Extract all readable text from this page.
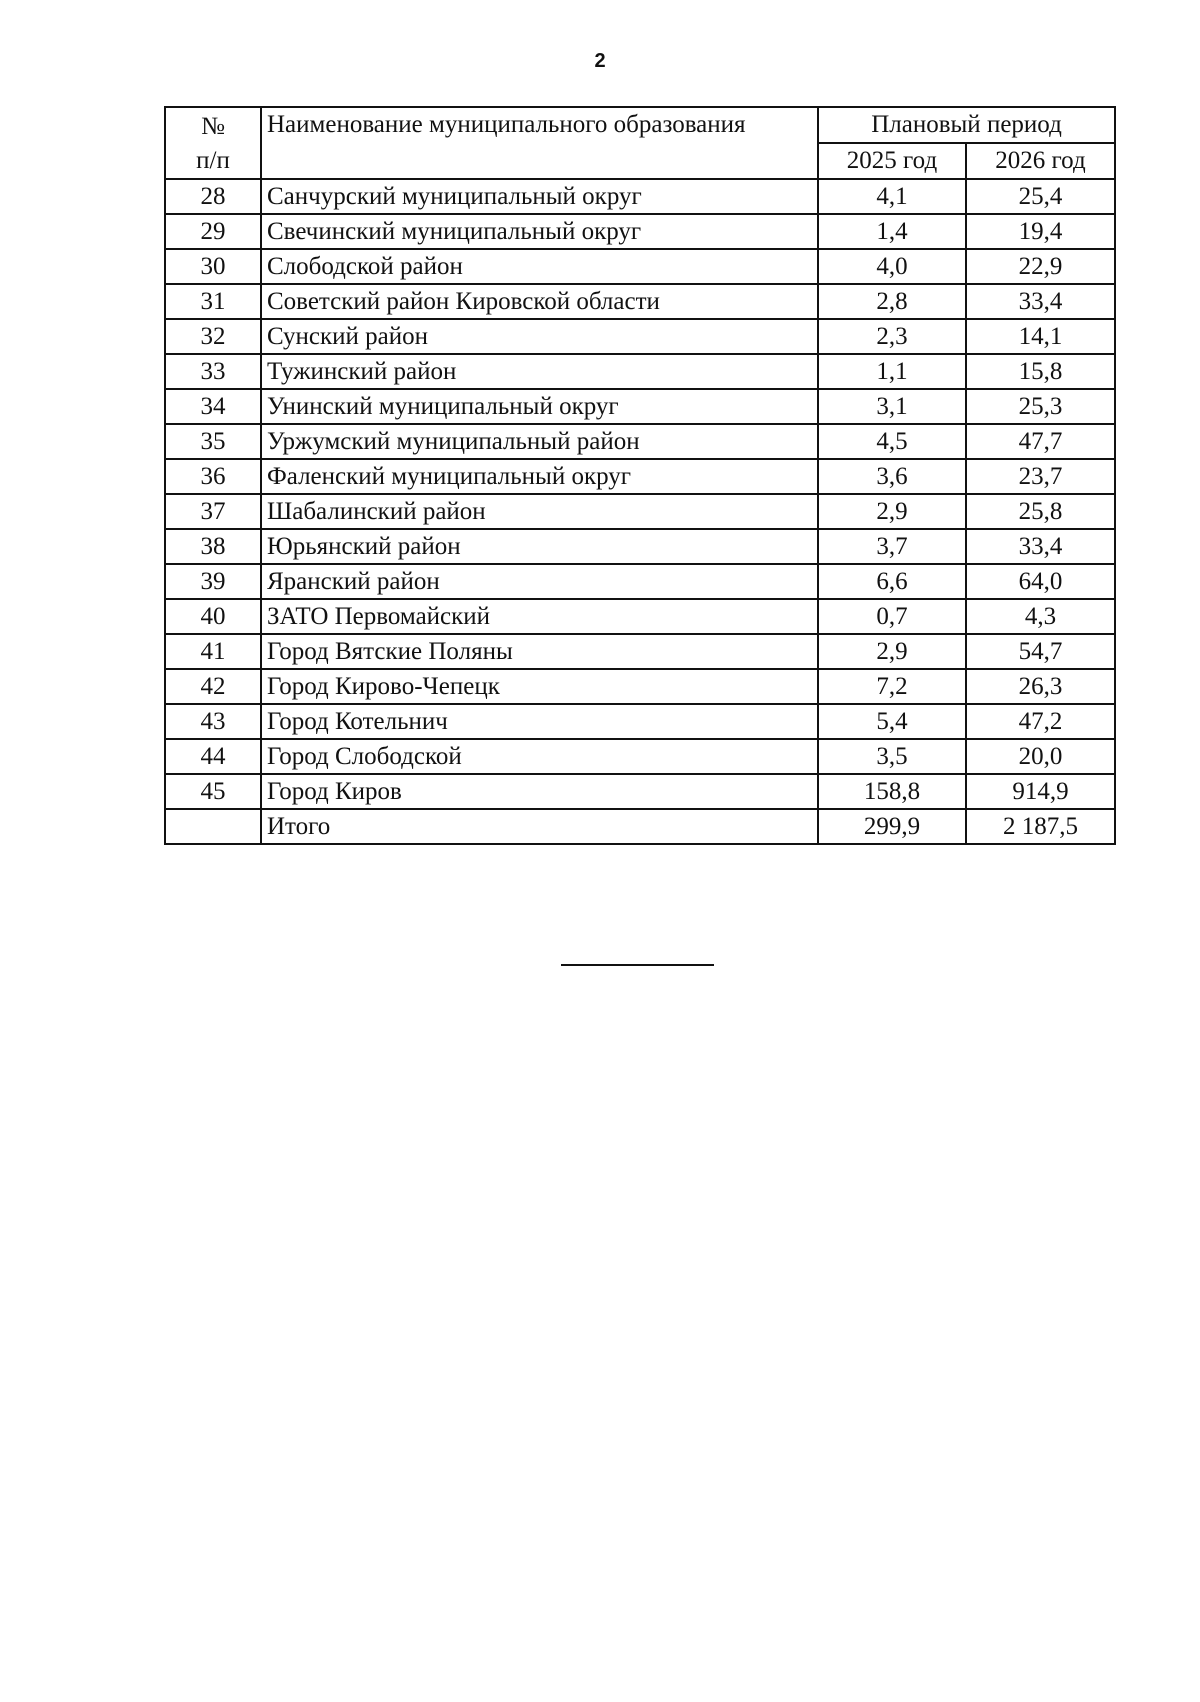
2
№
п/п	Наименование муниципального образования	Плановый период	
		2025 год	2026 год
28	Санчурский муниципальный округ	4,1	25,4
29	Свечинский муниципальный округ	1,4	19,4
30	Слободской район	4,0	22,9
31	Советский район Кировской области	2,8	33,4
32	Сунский район	2,3	14,1
33	Тужинский район	1,1	15,8
34	Унинский муниципальный округ	3,1	25,3
35	Уржумский муниципальный район	4,5	47,7
36	Фаленский муниципальный округ	3,6	23,7
37	Шабалинский район	2,9	25,8
38	Юрьянский район	3,7	33,4
39	Яранский район	6,6	64,0
40	ЗАТО Первомайский	0,7	4,3
41	Город Вятские Поляны	2,9	54,7
42	Город Кирово-Чепецк	7,2	26,3
43	Город Котельнич	5,4	47,2
44	Город Слободской	3,5	20,0
45	Город Киров	158,8	914,9
	Итого	299,9	2 187,5
